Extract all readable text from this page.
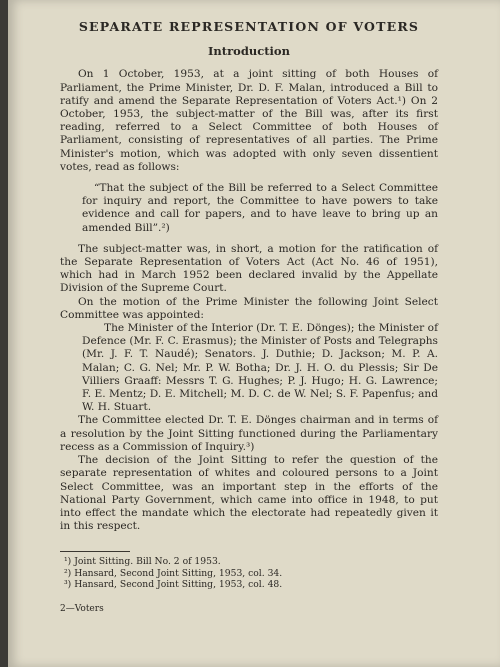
SEPARATE REPRESENTATION OF VOTERS
Introduction

On 1 October, 1953, at a joint sitting of both Houses of Parliament, the Prime Minister, Dr. D. F. Malan, introduced a Bill to ratify and amend the Separate Representation of Voters Act.¹) On 2 October, 1953, the subject-matter of the Bill was, after its first reading, referred to a Select Committee of both Houses of Parliament, consisting of representatives of all parties. The Prime Minister's motion, which was adopted with only seven dissentient votes, read as follows:

“That the subject of the Bill be referred to a Select Committee for inquiry and report, the Committee to have powers to take evidence and call for papers, and to have leave to bring up an amended Bill”.²)

The subject-matter was, in short, a motion for the ratification of the Separate Representation of Voters Act (Act No. 46 of 1951), which had in March 1952 been declared invalid by the Appellate Division of the Supreme Court.

On the motion of the Prime Minister the following Joint Select Committee was appointed:

The Minister of the Interior (Dr. T. E. Dönges); the Minister of Defence (Mr. F. C. Erasmus); the Minister of Posts and Telegraphs (Mr. J. F. T. Naudé); Senators. J. Duthie; D. Jackson; M. P. A. Malan; C. G. Nel; Mr. P. W. Botha; Dr. J. H. O. du Plessis; Sir De Villiers Graaff: Messrs T. G. Hughes; P. J. Hugo; H. G. Lawrence; F. E. Mentz; D. E. Mitchell; M. D. C. de W. Nel; S. F. Papenfus; and W. H. Stuart.

The Committee elected Dr. T. E. Dönges chairman and in terms of a resolution by the Joint Sitting functioned during the Parliamentary recess as a Commission of Inquiry.³)

The decision of the Joint Sitting to refer the question of the separate representation of whites and coloured persons to a Joint Select Committee, was an important step in the efforts of the National Party Government, which came into office in 1948, to put into effect the mandate which the electorate had repeatedly given it in this respect.

¹) Joint Sitting. Bill No. 2 of 1953.
²) Hansard, Second Joint Sitting, 1953, col. 34.
³) Hansard, Second Joint Sitting, 1953, col. 48.
2—Voters
